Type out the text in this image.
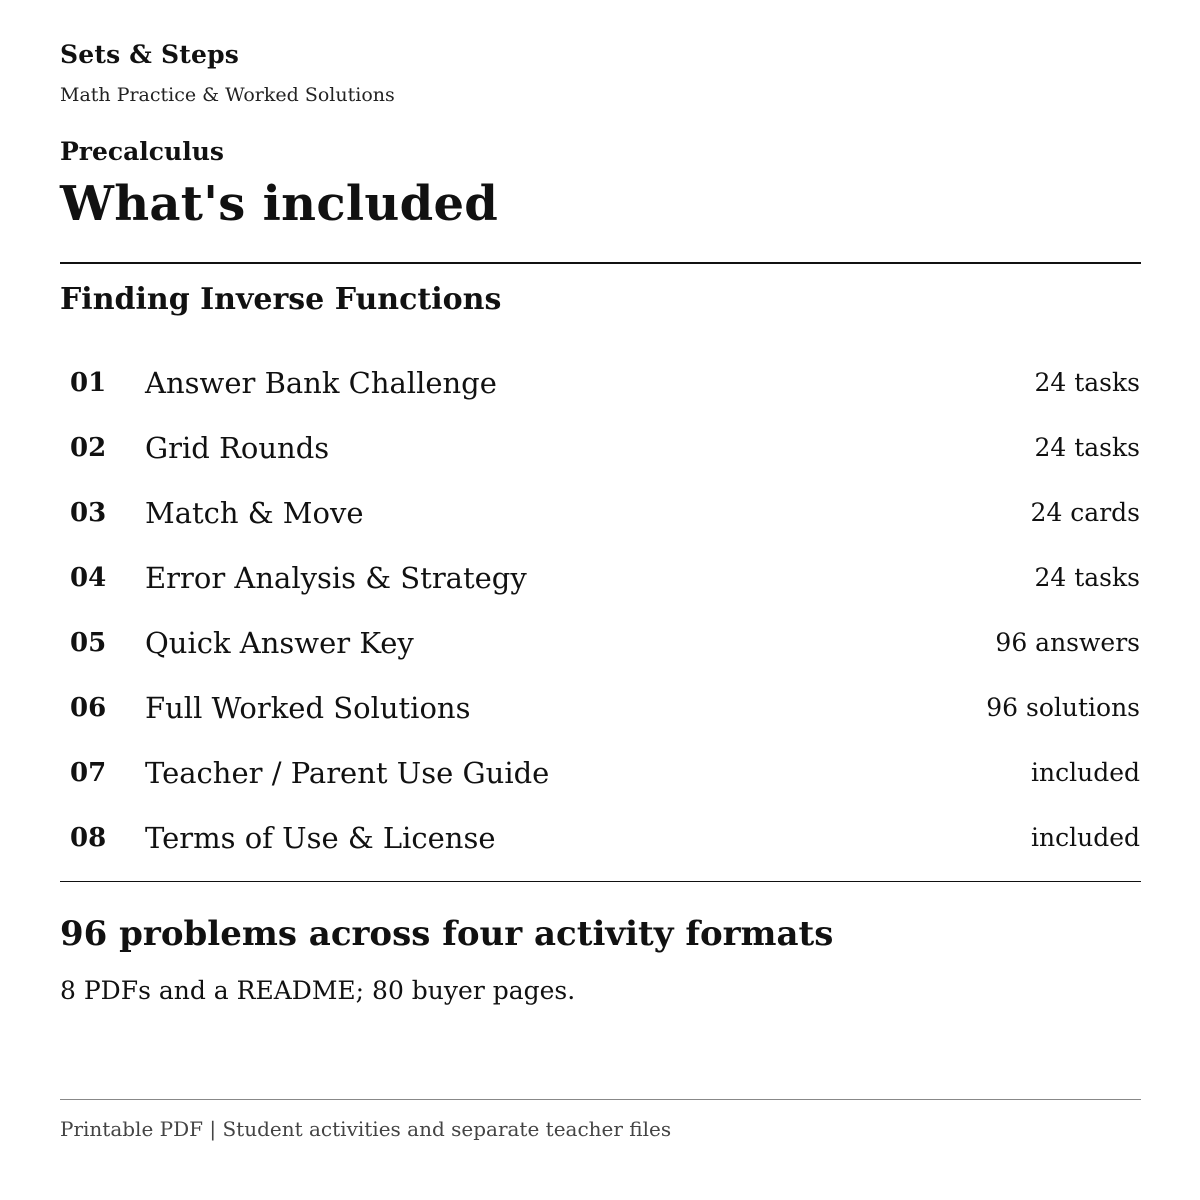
Sets & Steps
Math Practice & Worked Solutions
Precalculus
What's included
Finding Inverse Functions
01 Answer Bank Challenge	24 tasks
02 Grid Rounds	24 tasks
03 Match & Move	24 cards
04 Error Analysis & Strategy	24 tasks
05 Quick Answer Key	96 answers
06 Full Worked Solutions	96 solutions
07 Teacher / Parent Use Guide	included
08 Terms of Use & License	included
96 problems across four activity formats

8 PDFs and a README; 80 buyer pages.

Printable PDF | Student activities and separate teacher files
